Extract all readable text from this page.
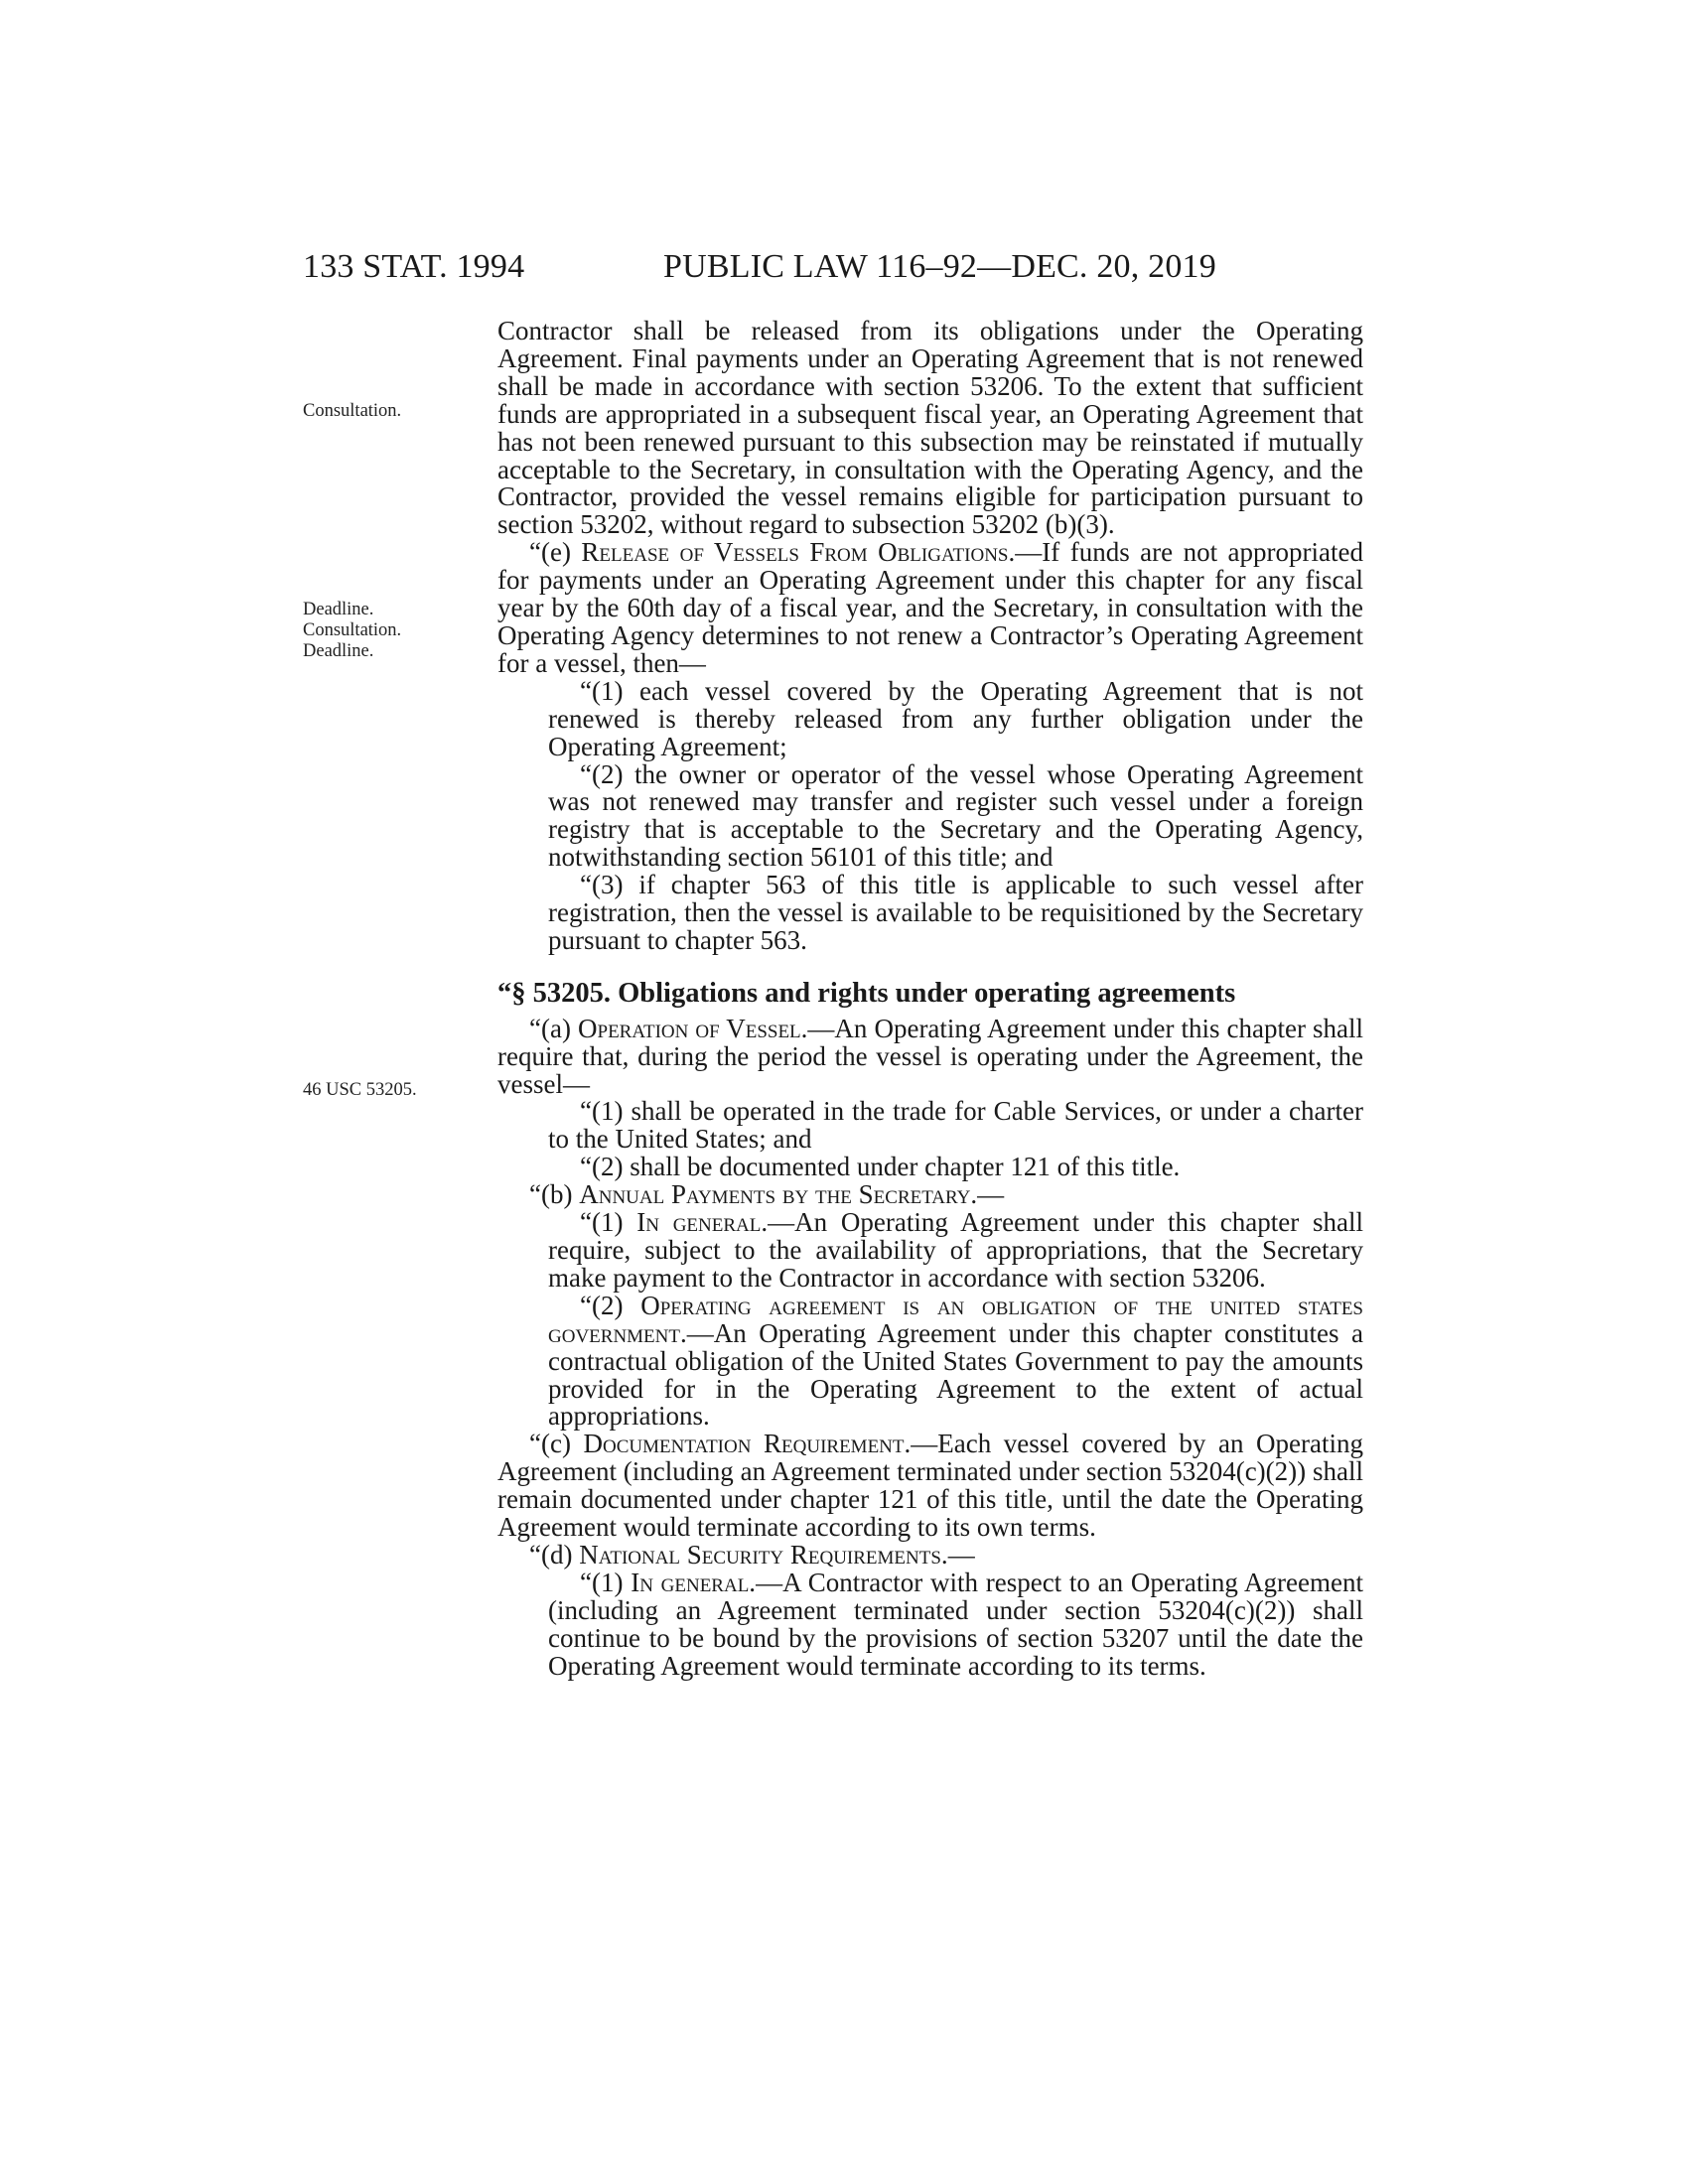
133 STAT. 1994	PUBLIC LAW 116–92—DEC. 20, 2019
Consultation.
Deadline.
Consultation.
Deadline.
46 USC 53205.

Contractor shall be released from its obligations under the Operating Agreement. Final payments under an Operating Agreement that is not renewed shall be made in accordance with section 53206. To the extent that sufficient funds are appropriated in a subsequent fiscal year, an Operating Agreement that has not been renewed pursuant to this subsection may be reinstated if mutually acceptable to the Secretary, in consultation with the Operating Agency, and the Contractor, provided the vessel remains eligible for participation pursuant to section 53202, without regard to subsection 53202 (b)(3).

“(e) Release of Vessels From Obligations.—If funds are not appropriated for payments under an Operating Agreement under this chapter for any fiscal year by the 60th day of a fiscal year, and the Secretary, in consultation with the Operating Agency determines to not renew a Contractor’s Operating Agreement for a vessel, then—

“(1) each vessel covered by the Operating Agreement that is not renewed is thereby released from any further obligation under the Operating Agreement;

“(2) the owner or operator of the vessel whose Operating Agreement was not renewed may transfer and register such vessel under a foreign registry that is acceptable to the Secretary and the Operating Agency, notwithstanding section 56101 of this title; and

“(3) if chapter 563 of this title is applicable to such vessel after registration, then the vessel is available to be requisitioned by the Secretary pursuant to chapter 563.

“§ 53205. Obligations and rights under operating agreements

“(a) Operation of Vessel.—An Operating Agreement under this chapter shall require that, during the period the vessel is operating under the Agreement, the vessel—

“(1) shall be operated in the trade for Cable Services, or under a charter to the United States; and

“(2) shall be documented under chapter 121 of this title.

“(b) Annual Payments by the Secretary.—

“(1) In general.—An Operating Agreement under this chapter shall require, subject to the availability of appropriations, that the Secretary make payment to the Contractor in accordance with section 53206.

“(2) Operating agreement is an obligation of the united states government.—An Operating Agreement under this chapter constitutes a contractual obligation of the United States Government to pay the amounts provided for in the Operating Agreement to the extent of actual appropriations.

“(c) Documentation Requirement.—Each vessel covered by an Operating Agreement (including an Agreement terminated under section 53204(c)(2)) shall remain documented under chapter 121 of this title, until the date the Operating Agreement would terminate according to its own terms.

“(d) National Security Requirements.—

“(1) In general.—A Contractor with respect to an Operating Agreement (including an Agreement terminated under section 53204(c)(2)) shall continue to be bound by the provisions of section 53207 until the date the Operating Agreement would terminate according to its terms.
